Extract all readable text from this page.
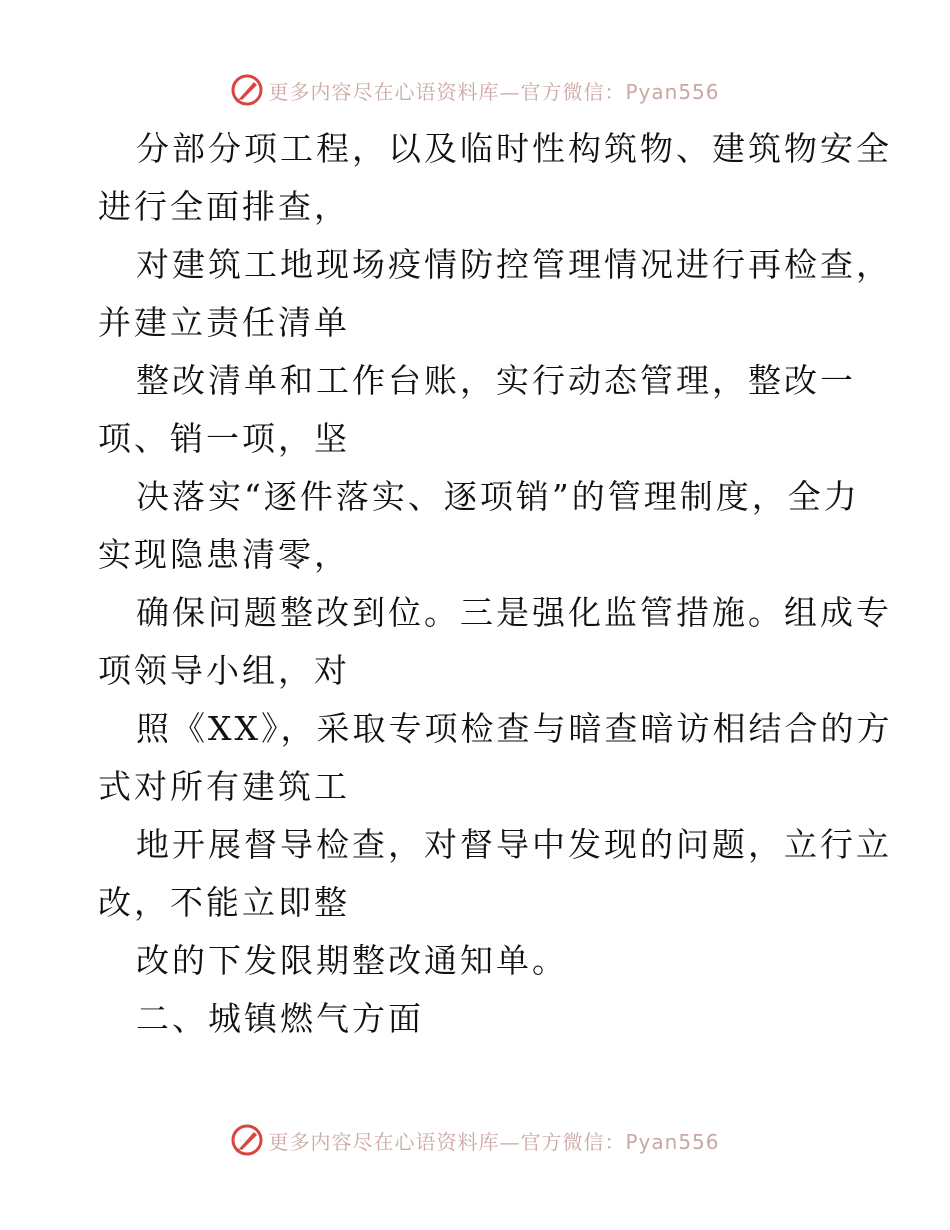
更多内容尽在心语资料库—官方微信：Pyan556

分部分项工程，以及临时性构筑物、建筑物安全
进行全面排查，

对建筑工地现场疫情防控管理情况进行再检查，
并建立责任清单

整改清单和工作台账，实行动态管理，整改一
项、销一项，坚

决落实“逐件落实、逐项销”的管理制度，全力
实现隐患清零，

确保问题整改到位。三是强化监管措施。组成专
项领导小组，对

照《XX》，采取专项检查与暗查暗访相结合的方
式对所有建筑工

地开展督导检查，对督导中发现的问题，立行立
改，不能立即整

改的下发限期整改通知单。

二、城镇燃气方面

更多内容尽在心语资料库—官方微信：Pyan556
